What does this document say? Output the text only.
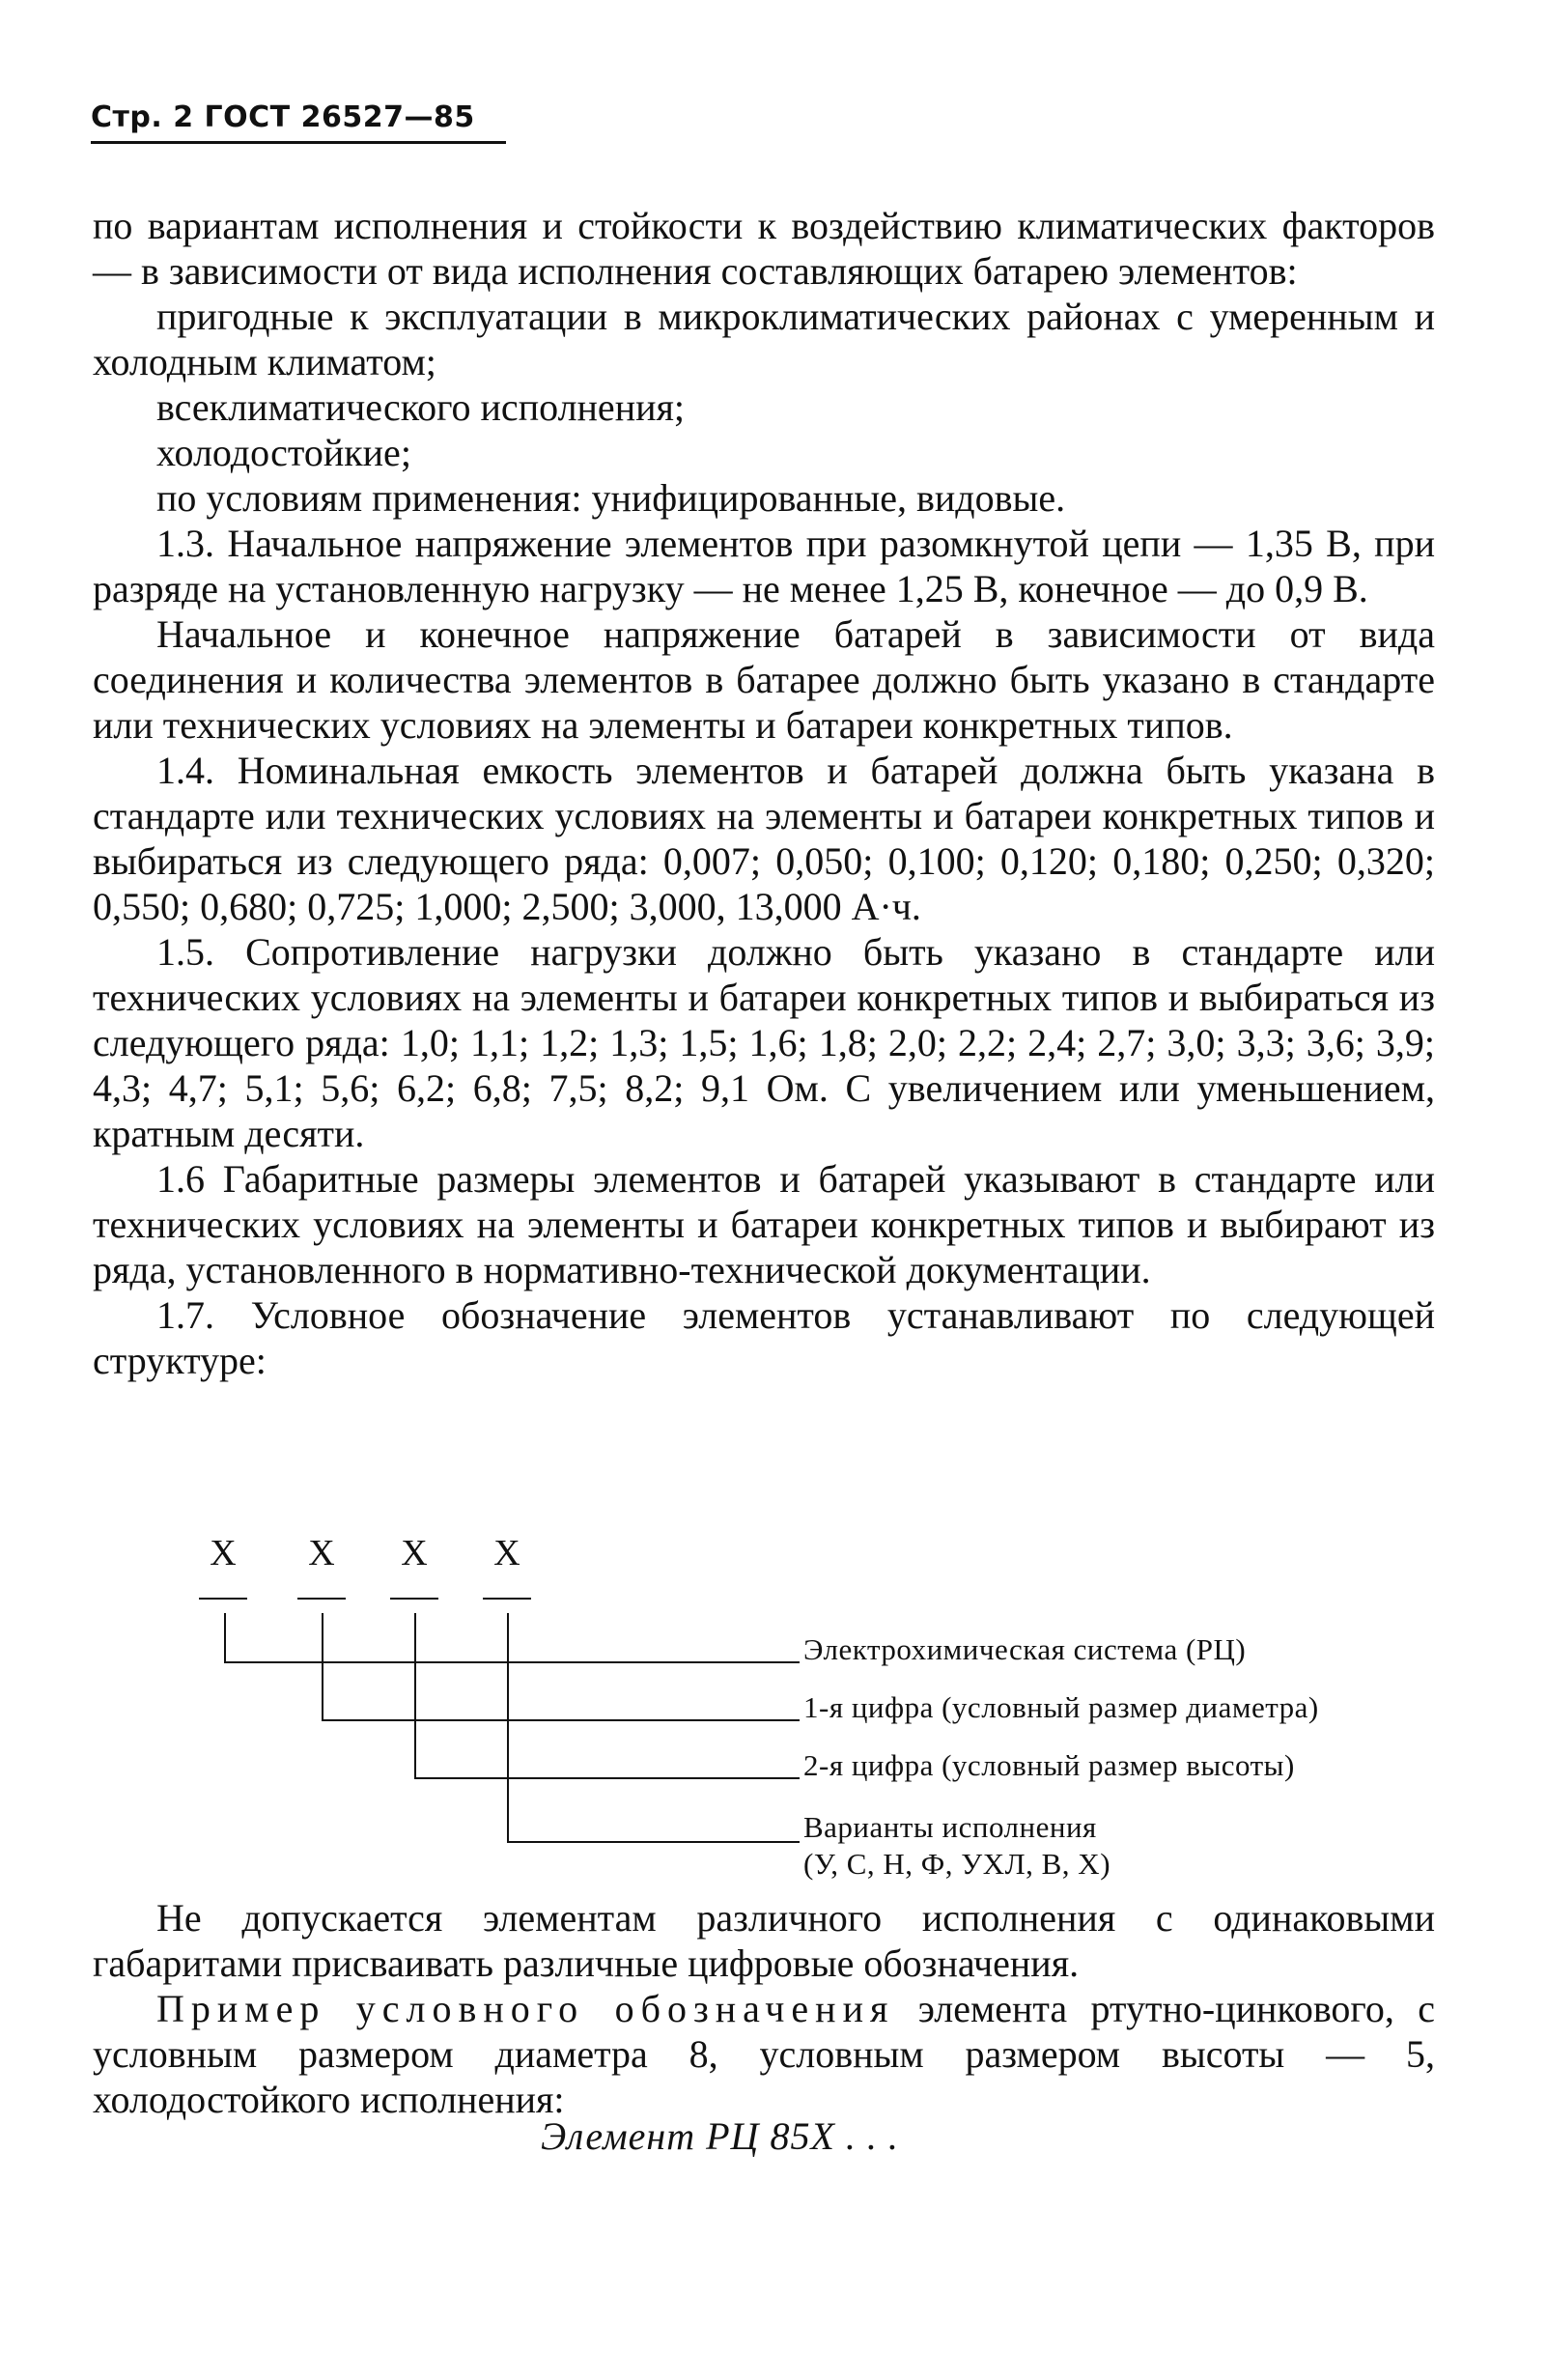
Стр. 2 ГОСТ 26527—85

по вариантам исполнения и стойкости к воздействию климатических факторов — в зависимости от вида исполнения составляющих батарею элементов:

пригодные к эксплуатации в микроклиматических районах с умеренным и холодным климатом;

всеклиматического исполнения;

холодостойкие;

по условиям применения: унифицированные, видовые.

1.3. Начальное напряжение элементов при разомкнутой цепи — 1,35 В, при разряде на установленную нагрузку — не менее 1,25 В, конечное — до 0,9 В.

Начальное и конечное напряжение батарей в зависимости от вида соединения и количества элементов в батарее должно быть указано в стандарте или технических условиях на элементы и батареи конкретных типов.

1.4. Номинальная емкость элементов и батарей должна быть указана в стандарте или технических условиях на элементы и батареи конкретных типов и выбираться из следующего ряда: 0,007; 0,050; 0,100; 0,120; 0,180; 0,250; 0,320; 0,550; 0,680; 0,725; 1,000; 2,500; 3,000, 13,000 А·ч.

1.5. Сопротивление нагрузки должно быть указано в стандарте или технических условиях на элементы и батареи конкретных типов и выбираться из следующего ряда: 1,0; 1,1; 1,2; 1,3; 1,5; 1,6; 1,8; 2,0; 2,2; 2,4; 2,7; 3,0; 3,3; 3,6; 3,9; 4,3; 4,7; 5,1; 5,6; 6,2; 6,8; 7,5; 8,2; 9,1 Ом. С увеличением или уменьшением, кратным десяти.

1.6 Габаритные размеры элементов и батарей указывают в стандарте или технических условиях на элементы и батареи конкретных типов и выбирают из ряда, установленного в нормативно-технической документации.

1.7. Условное обозначение элементов устанавливают по следующей структуре:

X	X	X	X
Электрохимическая система (РЦ)
1-я цифра (условный размер диаметра)
2-я цифра (условный размер высоты)
Варианты исполнения
(У, С, Н, Ф, УХЛ, В, Х)

Не допускается элементам различного исполнения с одинаковыми габаритами присваивать различные цифровые обозначения.

Пример условного обозначения элемента ртутно-цинкового, с условным размером диаметра 8, условным размером высоты — 5, холодостойкого исполнения:

Элемент РЦ 85Х . . .
